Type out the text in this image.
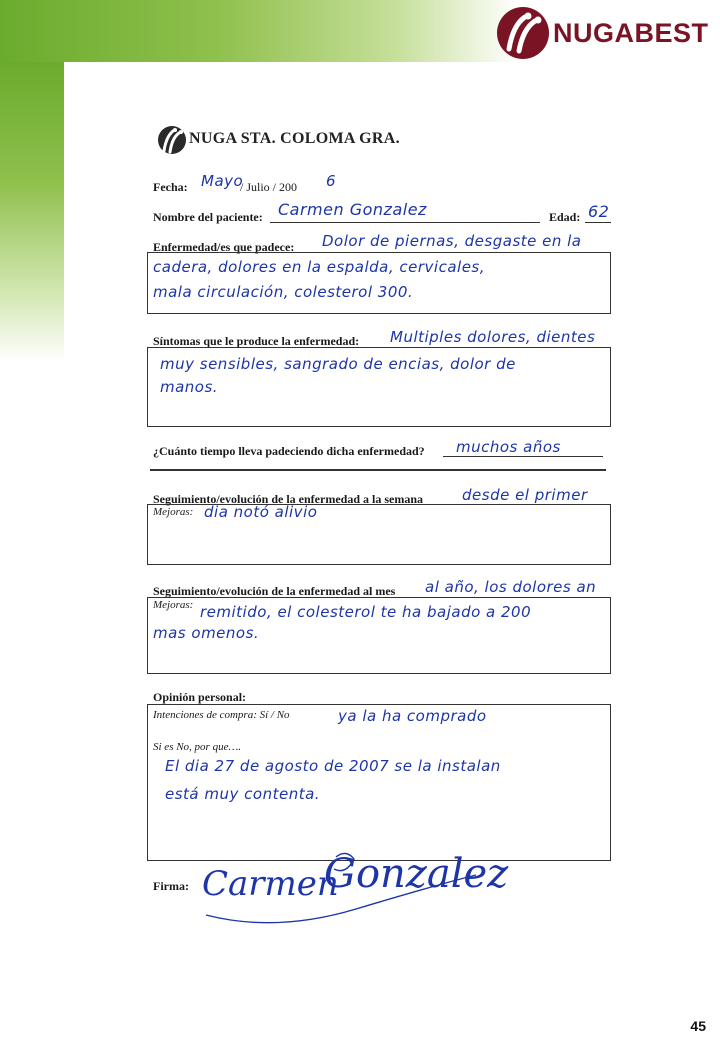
NUGABEST
NUGA STA. COLOMA GRA.
Fecha: Mayo
/ Julio / 200 6
Nombre del paciente: Carmen Gonzalez	Edad: 62
Enfermedad/es que padece: Dolor de piernas, desgaste en la
cadera, dolores en la espalda, cervicales,
mala circulación, colesterol 300.
Síntomas que le produce la enfermedad: Multiples dolores, dientes
muy sensibles, sangrado de encias, dolor de
manos.
¿Cuánto tiempo lleva padeciendo dicha enfermedad? muchos años
Seguimiento/evolución de la enfermedad a la semana	desde el primer
Mejoras: dia notó alivio
Seguimiento/evolución de la enfermedad al mes al año, los dolores an
Mejoras: remitido, el colesterol te ha bajado a 200
mas omenos.
Opinión personal:
Intenciones de compra: Sí / No	ya la ha comprado
Si es No, por que….
El dia 27 de agosto de 2007 se la instalan
está muy contenta.
Firma: Carmen
Gonzalez
45
